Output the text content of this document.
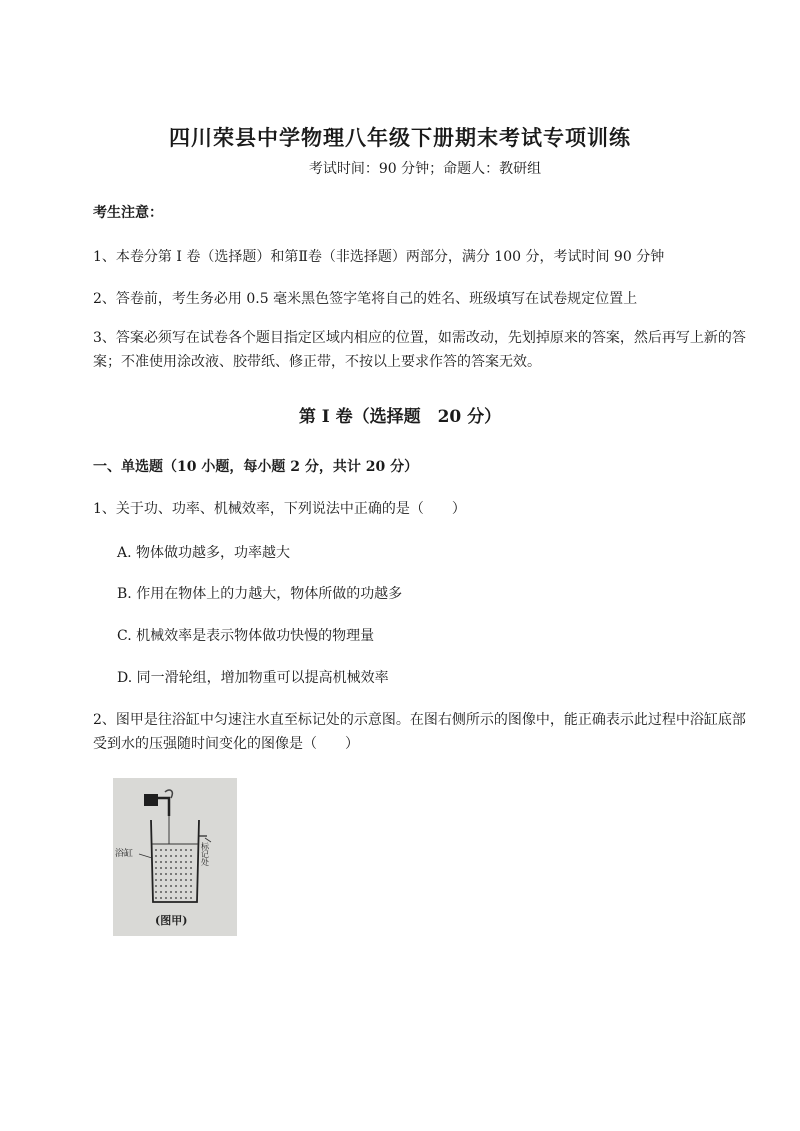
四川荣县中学物理八年级下册期末考试专项训练
考试时间：90 分钟；命题人：教研组
考生注意：
1、本卷分第 I 卷（选择题）和第Ⅱ卷（非选择题）两部分，满分 100 分，考试时间 90 分钟
2、答卷前，考生务必用 0.5 毫米黑色签字笔将自己的姓名、班级填写在试卷规定位置上
3、答案必须写在试卷各个题目指定区域内相应的位置，如需改动，先划掉原来的答案，然后再写上新的答案；不准使用涂改液、胶带纸、修正带，不按以上要求作答的答案无效。
第 I 卷（选择题　20 分）
一、单选题（10 小题，每小题 2 分，共计 20 分）
1、关于功、功率、机械效率，下列说法中正确的是（　　）
A. 物体做功越多，功率越大
B. 作用在物体上的力越大，物体所做的功越多
C. 机械效率是表示物体做功快慢的物理量
D. 同一滑轮组，增加物重可以提高机械效率
2、图甲是往浴缸中匀速注水直至标记处的示意图。在图右侧所示的图像中，能正确表示此过程中浴缸底部受到水的压强随时间变化的图像是（　　）
浴缸	标记处
(图甲)
